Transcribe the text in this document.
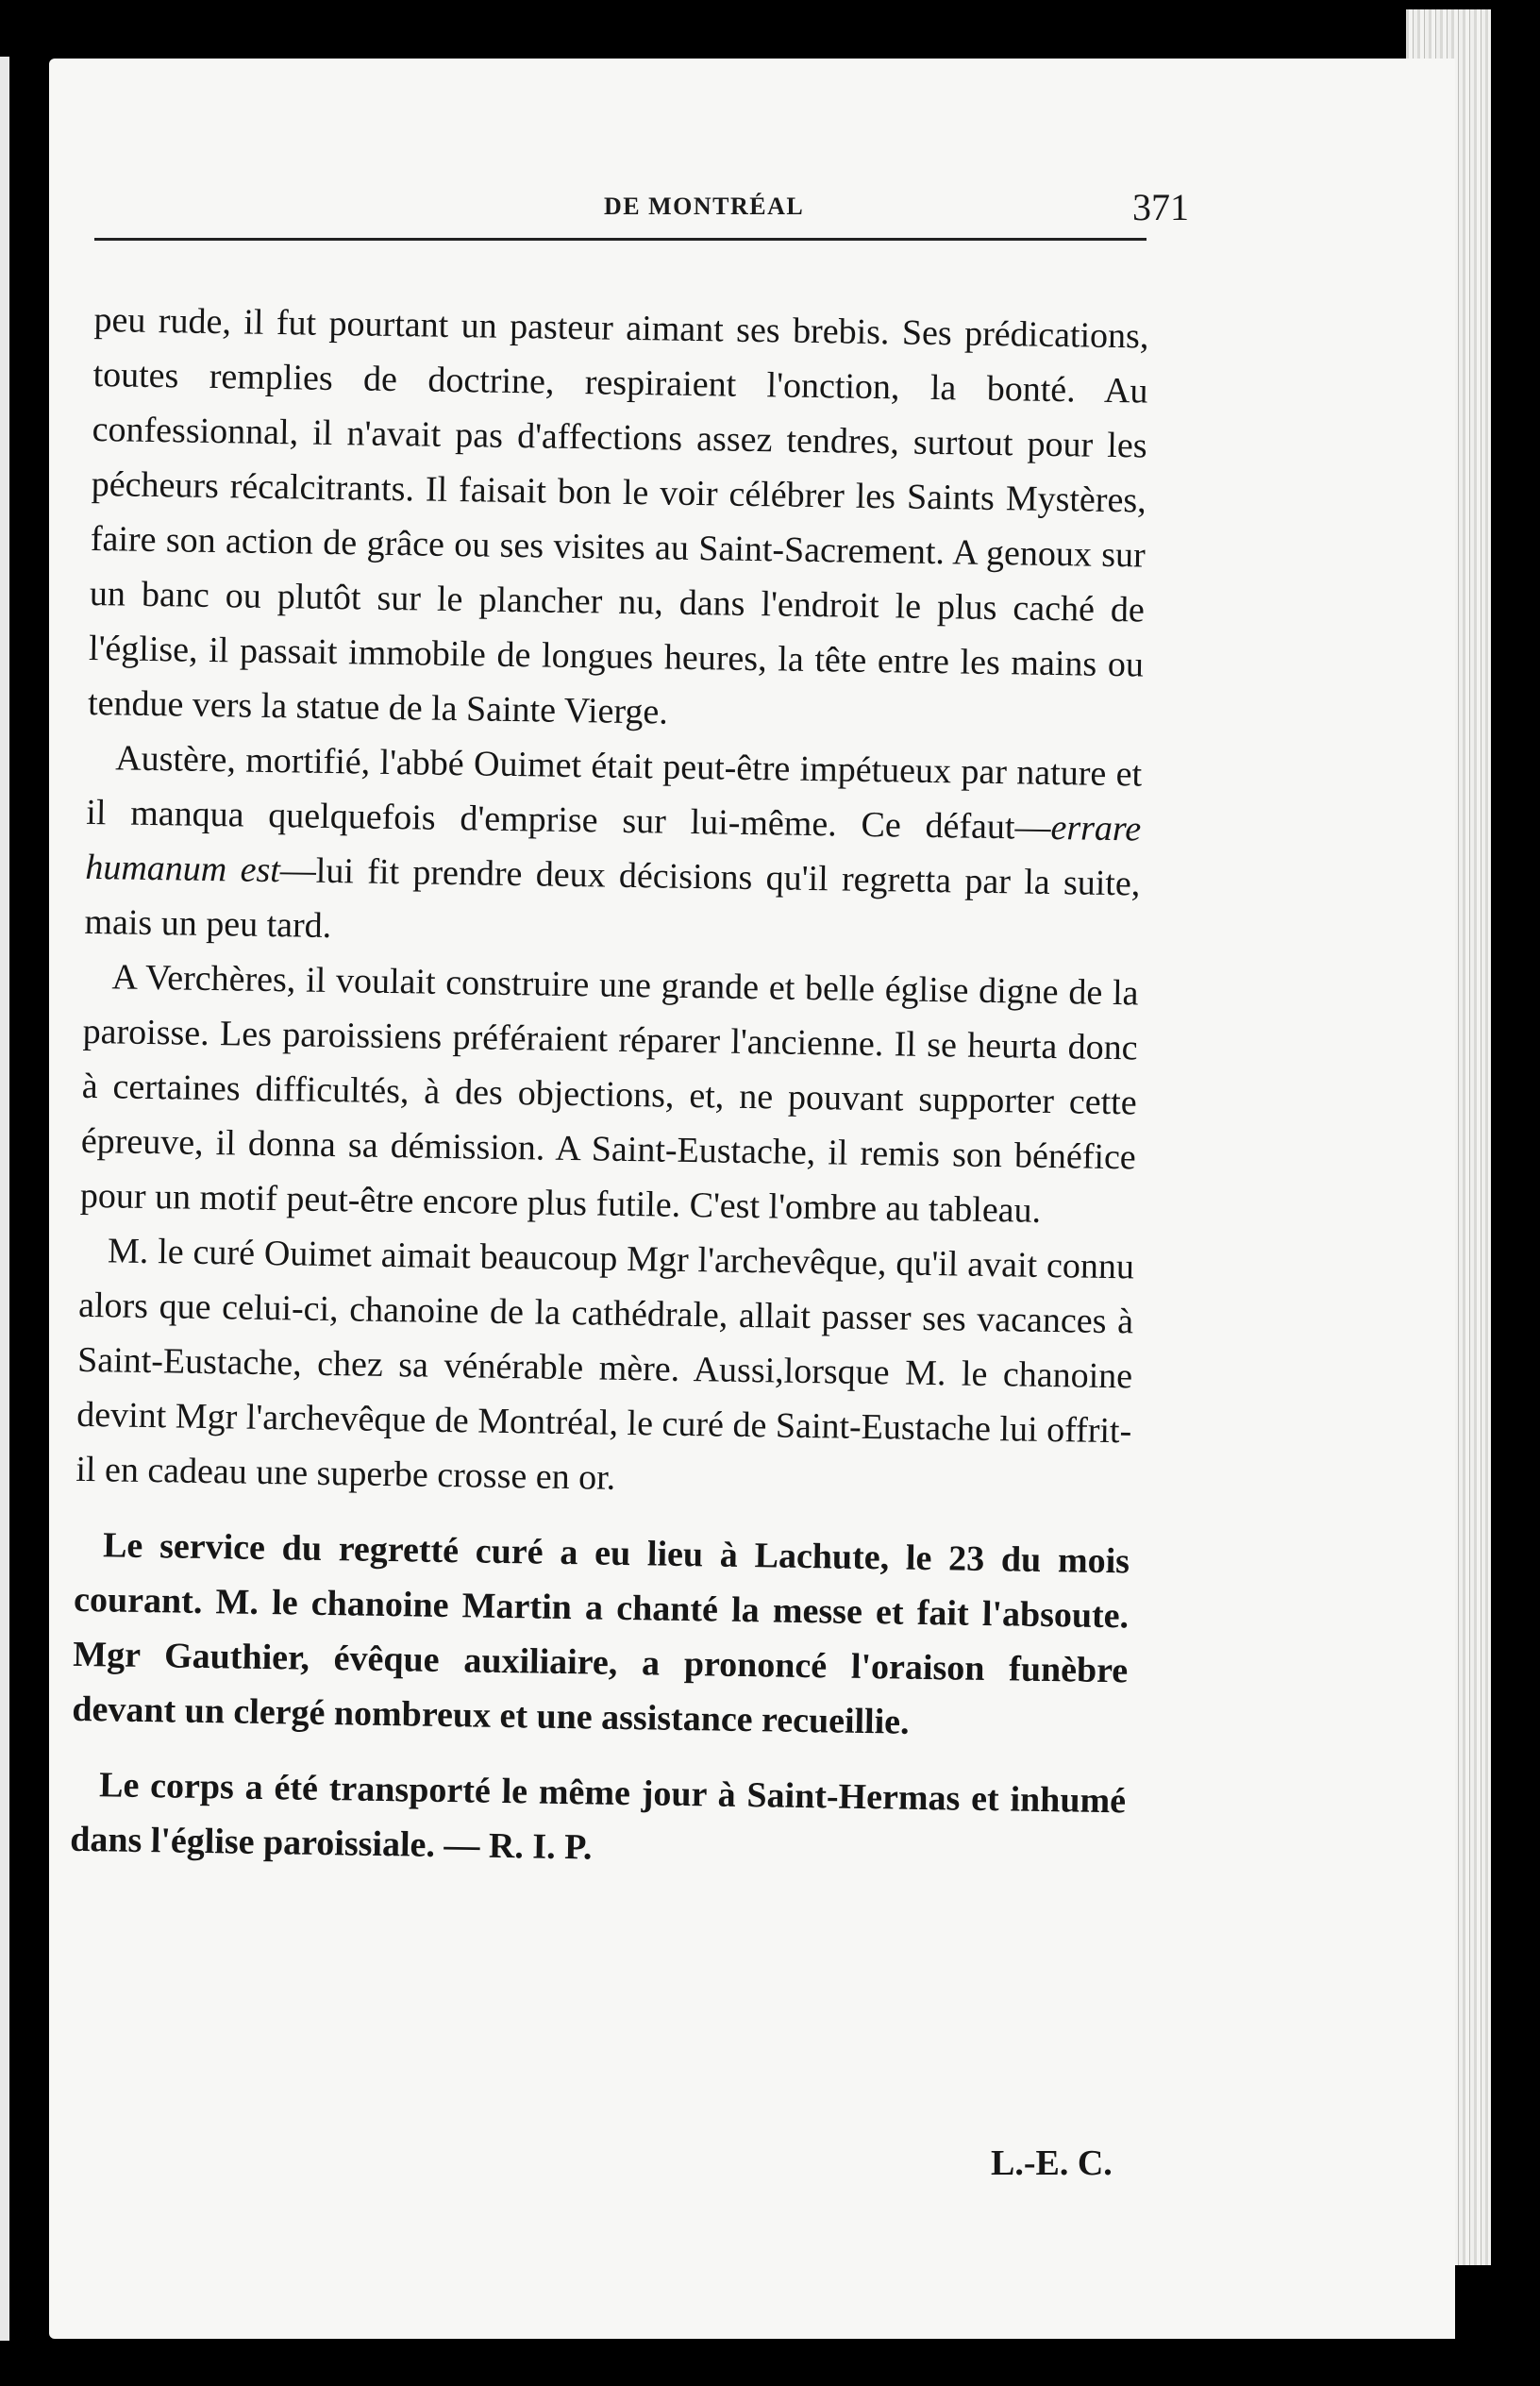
DE MONTRÉAL	371

peu rude, il fut pourtant un pasteur aimant ses brebis. Ses prédications, toutes remplies de doctrine, respiraient l'onction, la bonté. Au confessionnal, il n'avait pas d'affections assez tendres, surtout pour les pécheurs récalcitrants. Il faisait bon le voir célébrer les Saints Mystères, faire son action de grâce ou ses visites au Saint-Sacrement. A genoux sur un banc ou plutôt sur le plancher nu, dans l'endroit le plus caché de l'église, il passait immobile de longues heures, la tête entre les mains ou tendue vers la statue de la Sainte Vierge.

Austère, mortifié, l'abbé Ouimet était peut-être impétueux par nature et il manqua quelquefois d'emprise sur lui-même. Ce défaut—errare humanum est—lui fit prendre deux décisions qu'il regretta par la suite, mais un peu tard.

A Verchères, il voulait construire une grande et belle église digne de la paroisse. Les paroissiens préféraient réparer l'ancienne. Il se heurta donc à certaines difficultés, à des objections, et, ne pouvant supporter cette épreuve, il donna sa démission. A Saint-Eustache, il remis son bénéfice pour un motif peut-être encore plus futile. C'est l'ombre au tableau.

M. le curé Ouimet aimait beaucoup Mgr l'archevêque, qu'il avait connu alors que celui-ci, chanoine de la cathédrale, allait passer ses vacances à Saint-Eustache, chez sa vénérable mère. Aussi,lorsque M. le chanoine devint Mgr l'archevêque de Montréal, le curé de Saint-Eustache lui offrit-il en cadeau une superbe crosse en or.

Le service du regretté curé a eu lieu à Lachute, le 23 du mois courant. M. le chanoine Martin a chanté la messe et fait l'absoute. Mgr Gauthier, évêque auxiliaire, a prononcé l'oraison funèbre devant un clergé nombreux et une assistance recueillie.

Le corps a été transporté le même jour à Saint-Hermas et inhumé dans l'église paroissiale. — R. I. P.

L.-E. C.
